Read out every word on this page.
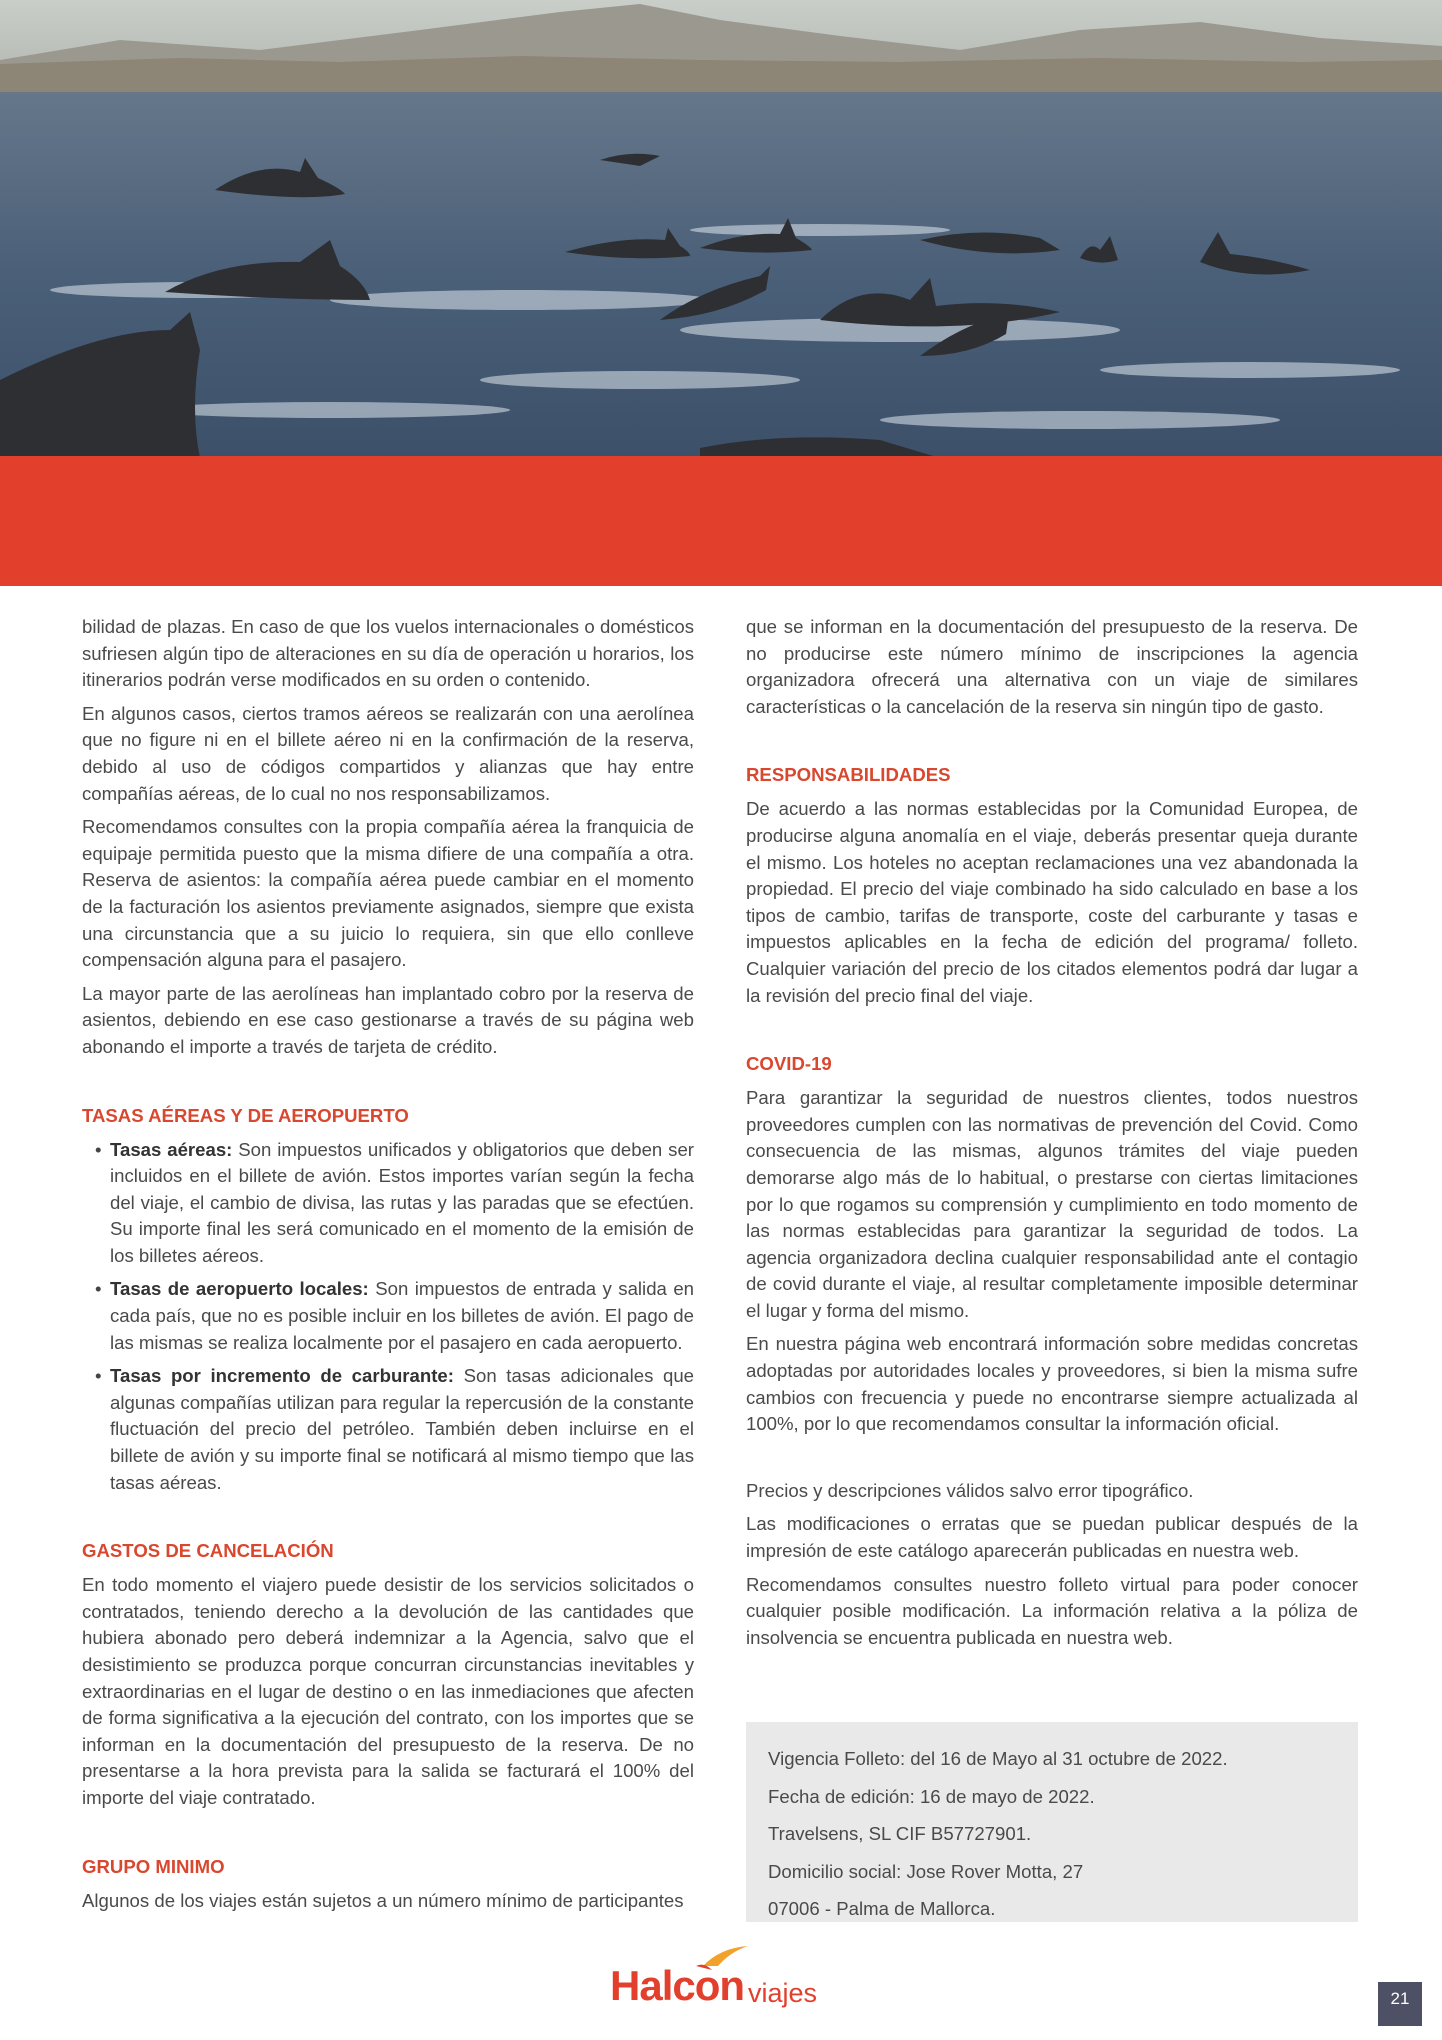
bilidad de plazas. En caso de que los vuelos internacionales o domésticos sufriesen algún tipo de alteraciones en su día de operación u horarios, los itinerarios podrán verse modificados en su orden o contenido.

En algunos casos, ciertos tramos aéreos se realizarán con una aerolínea que no figure ni en el billete aéreo ni en la confirmación de la reserva, debido al uso de códigos compartidos y alianzas que hay entre compañías aéreas, de lo cual no nos responsabilizamos.

Recomendamos consultes con la propia compañía aérea la franquicia de equipaje permitida puesto que la misma difiere de una compañía a otra. Reserva de asientos: la compañía aérea puede cambiar en el momento de la facturación los asientos previamente asignados, siempre que exista una circunstancia que a su juicio lo requiera, sin que ello conlleve compensación alguna para el pasajero.

La mayor parte de las aerolíneas han implantado cobro por la reserva de asientos, debiendo en ese caso gestionarse a través de su página web abonando el importe a través de tarjeta de crédito.

TASAS AÉREAS Y DE AEROPUERTO
• Tasas aéreas: Son impuestos unificados y obligatorios que deben ser incluidos en el billete de avión. Estos importes varían según la fecha del viaje, el cambio de divisa, las rutas y las paradas que se efectúen. Su importe final les será comunicado en el momento de la emisión de los billetes aéreos.
• Tasas de aeropuerto locales: Son impuestos de entrada y salida en cada país, que no es posible incluir en los billetes de avión. El pago de las mismas se realiza localmente por el pasajero en cada aeropuerto.
• Tasas por incremento de carburante: Son tasas adicionales que algunas compañías utilizan para regular la repercusión de la constante fluctuación del precio del petróleo. También deben incluirse en el billete de avión y su importe final se notificará al mismo tiempo que las tasas aéreas.
GASTOS DE CANCELACIÓN

En todo momento el viajero puede desistir de los servicios solicitados o contratados, teniendo derecho a la devolución de las cantidades que hubiera abonado pero deberá indemnizar a la Agencia, salvo que el desistimiento se produzca porque concurran circunstancias inevitables y extraordinarias en el lugar de destino o en las inmediaciones que afecten de forma significativa a la ejecución del contrato, con los importes que se informan en la documentación del presupuesto de la reserva. De no presentarse a la hora prevista para la salida se facturará el 100% del importe del viaje contratado.

GRUPO MINIMO

Algunos de los viajes están sujetos a un número mínimo de participantes

que se informan en la documentación del presupuesto de la reserva. De no producirse este número mínimo de inscripciones la agencia organizadora ofrecerá una alternativa con un viaje de similares características o la cancelación de la reserva sin ningún tipo de gasto.

RESPONSABILIDADES

De acuerdo a las normas establecidas por la Comunidad Europea, de producirse alguna anomalía en el viaje, deberás presentar queja durante el mismo. Los hoteles no aceptan reclamaciones una vez abandonada la propiedad. El precio del viaje combinado ha sido calculado en base a los tipos de cambio, tarifas de transporte, coste del carburante y tasas e impuestos aplicables en la fecha de edición del programa/ folleto. Cualquier variación del precio de los citados elementos podrá dar lugar a la revisión del precio final del viaje.

COVID-19

Para garantizar la seguridad de nuestros clientes, todos nuestros proveedores cumplen con las normativas de prevención del Covid. Como consecuencia de las mismas, algunos trámites del viaje pueden demorarse algo más de lo habitual, o prestarse con ciertas limitaciones por lo que rogamos su comprensión y cumplimiento en todo momento de las normas establecidas para garantizar la seguridad de todos. La agencia organizadora declina cualquier responsabilidad ante el contagio de covid durante el viaje, al resultar completamente imposible determinar el lugar y forma del mismo.

En nuestra página web encontrará información sobre medidas concretas adoptadas por autoridades locales y proveedores, si bien la misma sufre cambios con frecuencia y puede no encontrarse siempre actualizada al 100%, por lo que recomendamos consultar la información oficial.

Precios y descripciones válidos salvo error tipográfico.

Las modificaciones o erratas que se puedan publicar después de la impresión de este catálogo aparecerán publicadas en nuestra web.

Recomendamos consultes nuestro folleto virtual para poder conocer cualquier posible modificación. La información relativa a la póliza de insolvencia se encuentra publicada en nuestra web.

Vigencia Folleto: del 16 de Mayo al 31 octubre de 2022.
Fecha de edición: 16 de mayo de 2022.
Travelsens, SL CIF B57727901.
Domicilio social: Jose Rover Motta, 27
07006 - Palma de Mallorca.
Halcon viajes	21
